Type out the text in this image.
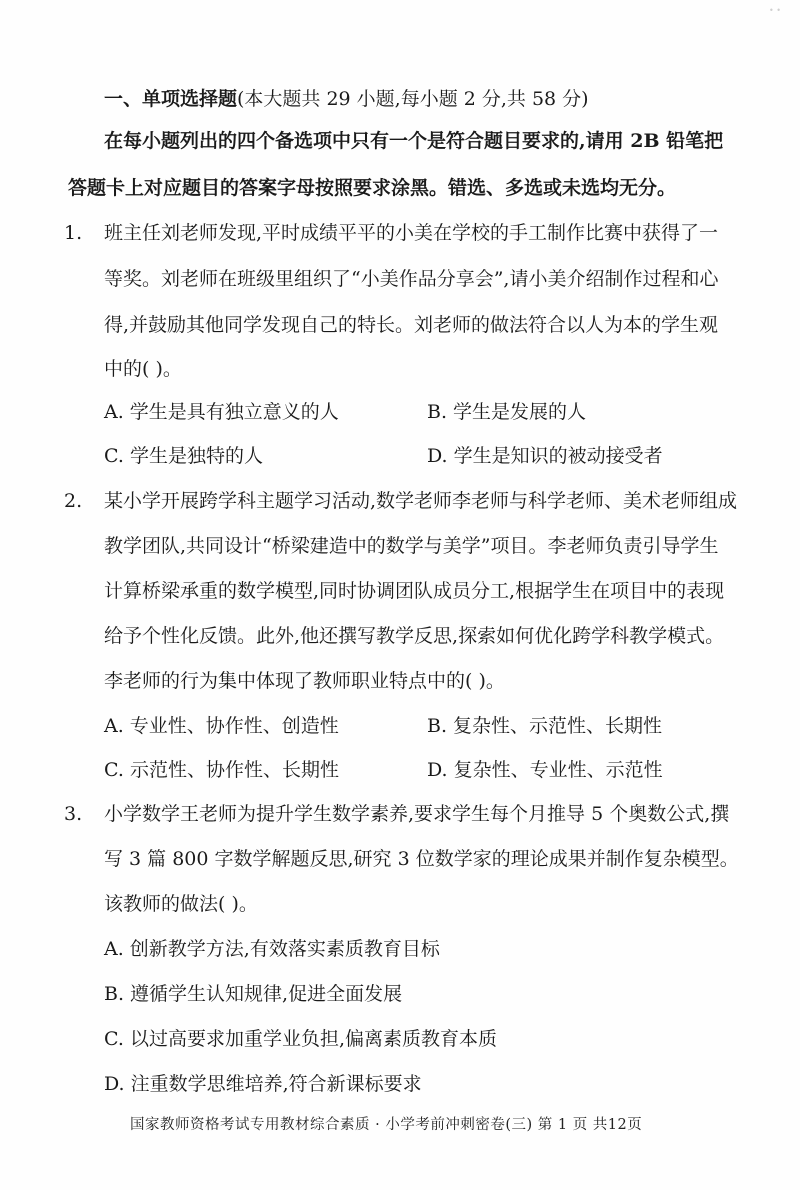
• •
一、单项选择题(本大题共 29 小题,每小题 2 分,共 58 分)
在每小题列出的四个备选项中只有一个是符合题目要求的,请用 2B 铅笔把
答题卡上对应题目的答案字母按照要求涂黑。错选、多选或未选均无分。
1. 班主任刘老师发现,平时成绩平平的小美在学校的手工制作比赛中获得了一
等奖。刘老师在班级里组织了“小美作品分享会”,请小美介绍制作过程和心
得,并鼓励其他同学发现自己的特长。刘老师的做法符合以人为本的学生观
中的( )。
A. 学生是具有独立意义的人	B. 学生是发展的人
C. 学生是独特的人	D. 学生是知识的被动接受者
2. 某小学开展跨学科主题学习活动,数学老师李老师与科学老师、美术老师组成
教学团队,共同设计“桥梁建造中的数学与美学”项目。李老师负责引导学生
计算桥梁承重的数学模型,同时协调团队成员分工,根据学生在项目中的表现
给予个性化反馈。此外,他还撰写教学反思,探索如何优化跨学科教学模式。
李老师的行为集中体现了教师职业特点中的( )。
A. 专业性、协作性、创造性	B. 复杂性、示范性、长期性
C. 示范性、协作性、长期性	D. 复杂性、专业性、示范性
3. 小学数学王老师为提升学生数学素养,要求学生每个月推导 5 个奥数公式,撰
写 3 篇 800 字数学解题反思,研究 3 位数学家的理论成果并制作复杂模型。
该教师的做法( )。
A. 创新教学方法,有效落实素质教育目标
B. 遵循学生认知规律,促进全面发展
C. 以过高要求加重学业负担,偏离素质教育本质
D. 注重数学思维培养,符合新课标要求
国家教师资格考试专用教材综合素质 · 小学考前冲刺密卷(三) 第 1 页 共12页
